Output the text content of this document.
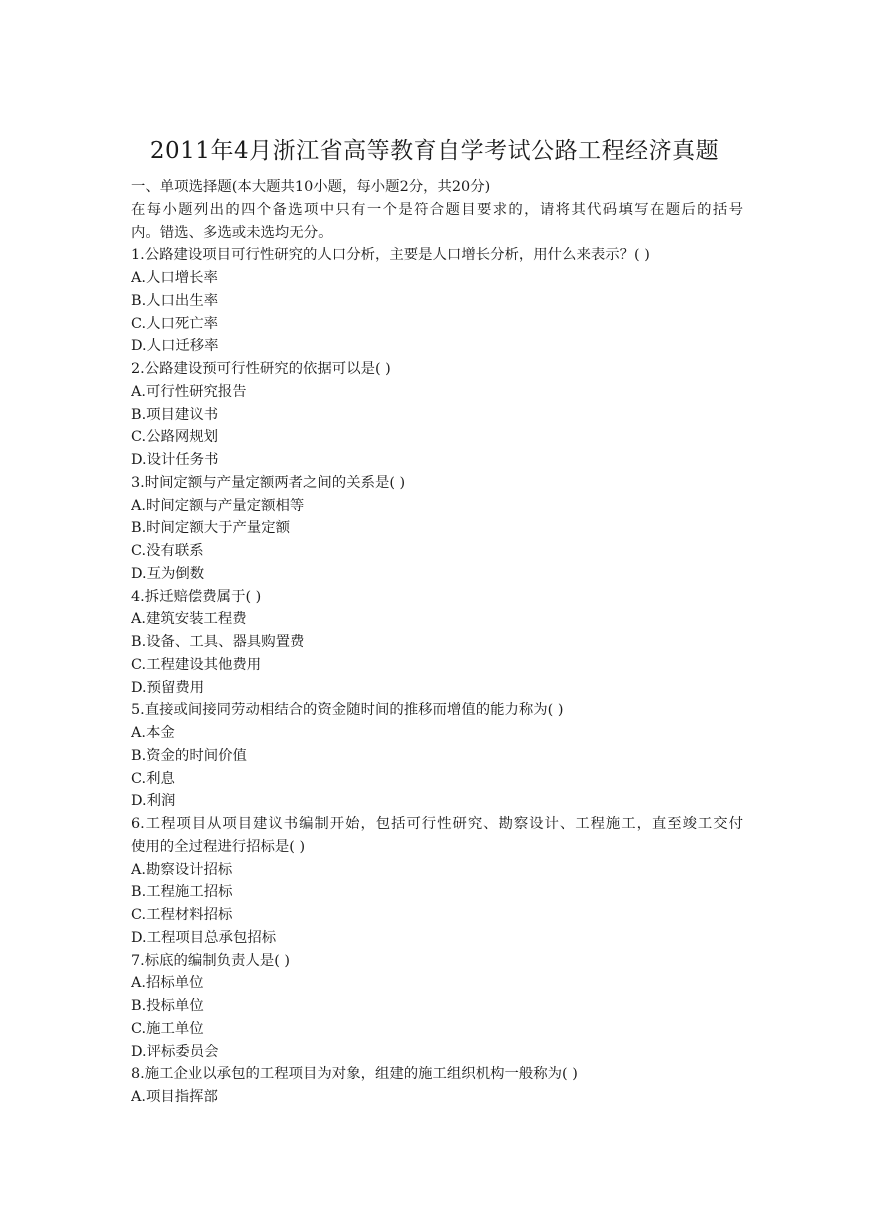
2011年4月浙江省高等教育自学考试公路工程经济真题
一、单项选择题(本大题共10小题，每小题2分，共20分)
在每小题列出的四个备选项中只有一个是符合题目要求的，请将其代码填写在题后的括号
内。错选、多选或未选均无分。
1.公路建设项目可行性研究的人口分析，主要是人口增长分析，用什么来表示？( )
A.人口增长率
B.人口出生率
C.人口死亡率
D.人口迁移率
2.公路建设预可行性研究的依据可以是( )
A.可行性研究报告
B.项目建议书
C.公路网规划
D.设计任务书
3.时间定额与产量定额两者之间的关系是( )
A.时间定额与产量定额相等
B.时间定额大于产量定额
C.没有联系
D.互为倒数
4.拆迁赔偿费属于( )
A.建筑安装工程费
B.设备、工具、器具购置费
C.工程建设其他费用
D.预留费用
5.直接或间接同劳动相结合的资金随时间的推移而增值的能力称为( )
A.本金
B.资金的时间价值
C.利息
D.利润
6.工程项目从项目建议书编制开始，包括可行性研究、勘察设计、工程施工，直至竣工交付
使用的全过程进行招标是( )
A.勘察设计招标
B.工程施工招标
C.工程材料招标
D.工程项目总承包招标
7.标底的编制负责人是( )
A.招标单位
B.投标单位
C.施工单位
D.评标委员会
8.施工企业以承包的工程项目为对象，组建的施工组织机构一般称为( )
A.项目指挥部
